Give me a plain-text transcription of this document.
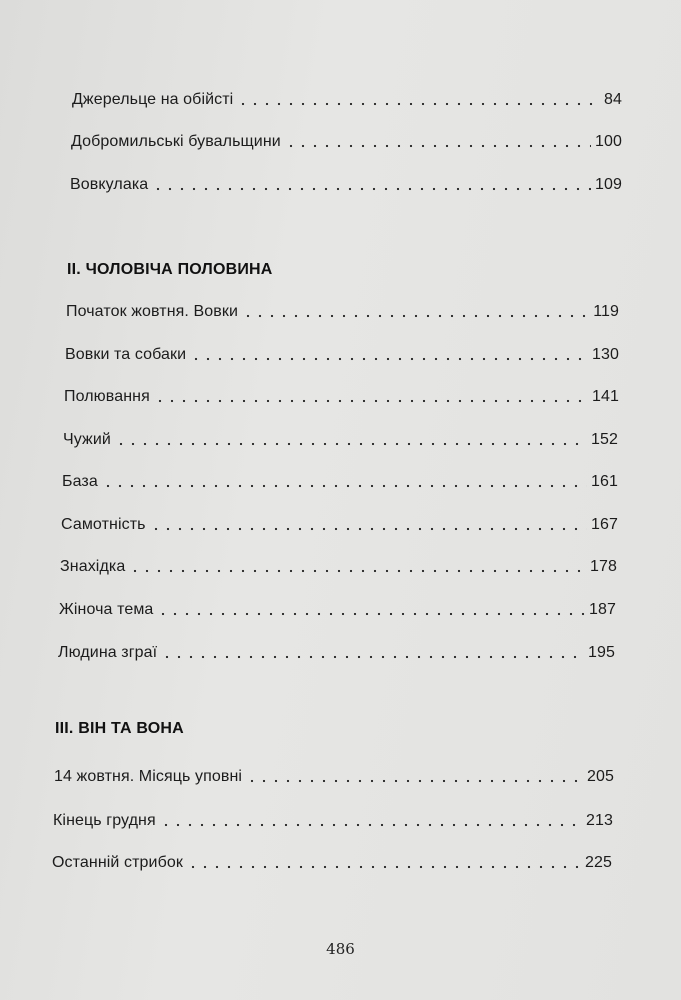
Джерельце на обійсті	84
Добромильські бувальщини	100
Вовкулака	109
II. ЧОЛОВІЧА ПОЛОВИНА
Початок жовтня. Вовки	119
Вовки та собаки	130
Полювання	141
Чужий	152
База	161
Самотність	167
Знахідка	178
Жіноча тема	187
Людина зграї	195
III. ВІН ТА ВОНА
14 жовтня. Місяць уповні	205
Кінець грудня	213
Останній стрибок	225
486
